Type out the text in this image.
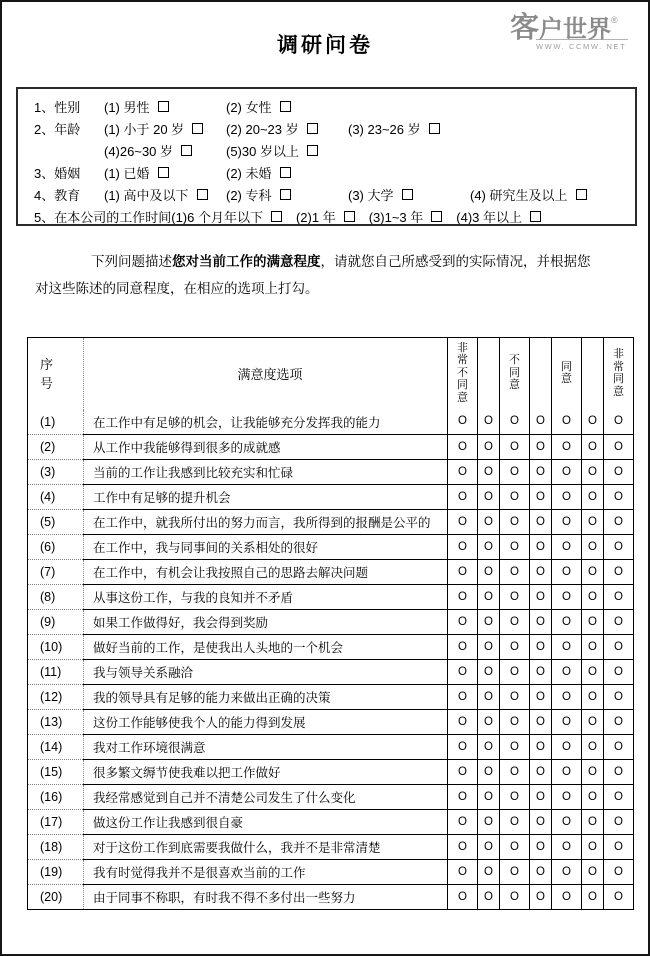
调研问卷
客户世界®
WWW. CCMW. NET
1、性别	(1) 男性	(2) 女性
2、年龄	(1) 小于 20 岁	(2) 20~23 岁	(3) 23~26 岁
(4)26~30 岁	(5)30 岁以上
3、婚姻	(1) 已婚	(2) 未婚
4、教育	(1) 高中及以下	(2) 专科	(3) 大学	(4) 研究生及以上
5、在本公司的工作时间 (1)6 个月年以下	(2)1 年	(3)1~3 年	(4)3 年以上

下列问题描述您对当前工作的满意程度，请就您自己所感受到的实际情况，并根据您对这些陈述的同意程度，在相应的选项上打勾。

序号	满意度选项	
非
常
不
同
意

不
同
意

同
意

非
常
同
意

(1)	在工作中有足够的机会，让我能够充分发挥我的能力	O	O	O	O	O	O	O
(2)	从工作中我能够得到很多的成就感	O	O	O	O	O	O	O
(3)	当前的工作让我感到比较充实和忙碌	O	O	O	O	O	O	O
(4)	工作中有足够的提升机会	O	O	O	O	O	O	O
(5)	在工作中，就我所付出的努力而言，我所得到的报酬是公平的	O	O	O	O	O	O	O
(6)	在工作中，我与同事间的关系相处的很好	O	O	O	O	O	O	O
(7)	在工作中，有机会让我按照自己的思路去解决问题	O	O	O	O	O	O	O
(8)	从事这份工作，与我的良知并不矛盾	O	O	O	O	O	O	O
(9)	如果工作做得好，我会得到奖励	O	O	O	O	O	O	O
(10)	做好当前的工作，是使我出人头地的一个机会	O	O	O	O	O	O	O
(11)	我与领导关系融洽	O	O	O	O	O	O	O
(12)	我的领导具有足够的能力来做出正确的决策	O	O	O	O	O	O	O
(13)	这份工作能够使我个人的能力得到发展	O	O	O	O	O	O	O
(14)	我对工作环境很满意	O	O	O	O	O	O	O
(15)	很多繁文缛节使我难以把工作做好	O	O	O	O	O	O	O
(16)	我经常感觉到自己并不清楚公司发生了什么变化	O	O	O	O	O	O	O
(17)	做这份工作让我感到很自豪	O	O	O	O	O	O	O
(18)	对于这份工作到底需要我做什么，我并不是非常清楚	O	O	O	O	O	O	O
(19)	我有时觉得我并不是很喜欢当前的工作	O	O	O	O	O	O	O
(20)	由于同事不称职，有时我不得不多付出一些努力	O	O	O	O	O	O	O
